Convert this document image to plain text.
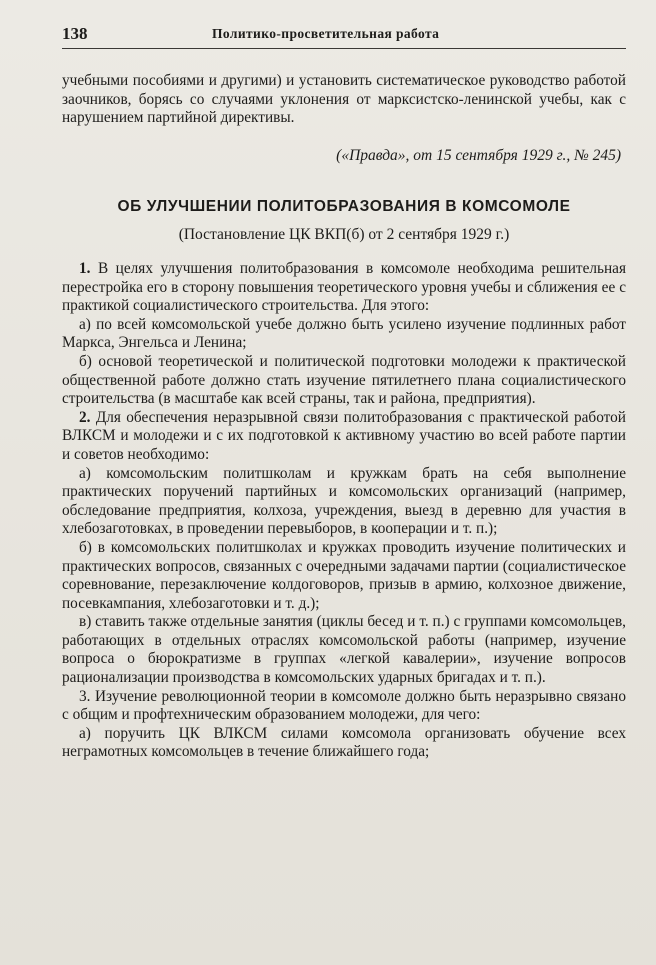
138	Политико-просветительная работа

учебными пособиями и другими) и установить систематическое руководство работой заочников, борясь со случаями уклонения от марксистско-ленинской учебы, как с нарушением партийной директивы.

(«Правда», от 15 сентября 1929 г., № 245)
ОБ УЛУЧШЕНИИ ПОЛИТОБРАЗОВАНИЯ В КОМСОМОЛЕ
(Постановление ЦК ВКП(б) от 2 сентября 1929 г.)

1. В целях улучшения политобразования в комсомоле необходима решительная перестройка его в сторону повышения теоретического уровня учебы и сближения ее с практикой социалистического строительства. Для этого:

а) по всей комсомольской учебе должно быть усилено изучение подлинных работ Маркса, Энгельса и Ленина;

б) основой теоретической и политической подготовки молодежи к практической общественной работе должно стать изучение пятилетнего плана социалистического строительства (в масштабе как всей страны, так и района, предприятия).

2. Для обеспечения неразрывной связи политобразования с практической работой ВЛКСМ и молодежи и с их подготовкой к активному участию во всей работе партии и советов необходимо:

а) комсомольским политшколам и кружкам брать на себя выполнение практических поручений партийных и комсомольских организаций (например, обследование предприятия, колхоза, учреждения, выезд в деревню для участия в хлебозаготовках, в проведении перевыборов, в кооперации и т. п.);

б) в комсомольских политшколах и кружках проводить изучение политических и практических вопросов, связанных с очередными задачами партии (социалистическое соревнование, перезаключение колдоговоров, призыв в армию, колхозное движение, посевкампания, хлебозаготовки и т. д.);

в) ставить также отдельные занятия (циклы бесед и т. п.) с группами комсомольцев, работающих в отдельных отраслях комсомольской работы (например, изучение вопроса о бюрократизме в группах «легкой кавалерии», изучение вопросов рационализации производства в комсомольских ударных бригадах и т. п.).

3. Изучение революционной теории в комсомоле должно быть неразрывно связано с общим и профтехническим образованием молодежи, для чего:

а) поручить ЦК ВЛКСМ силами комсомола организовать обучение всех неграмотных комсомольцев в течение ближайшего года;
